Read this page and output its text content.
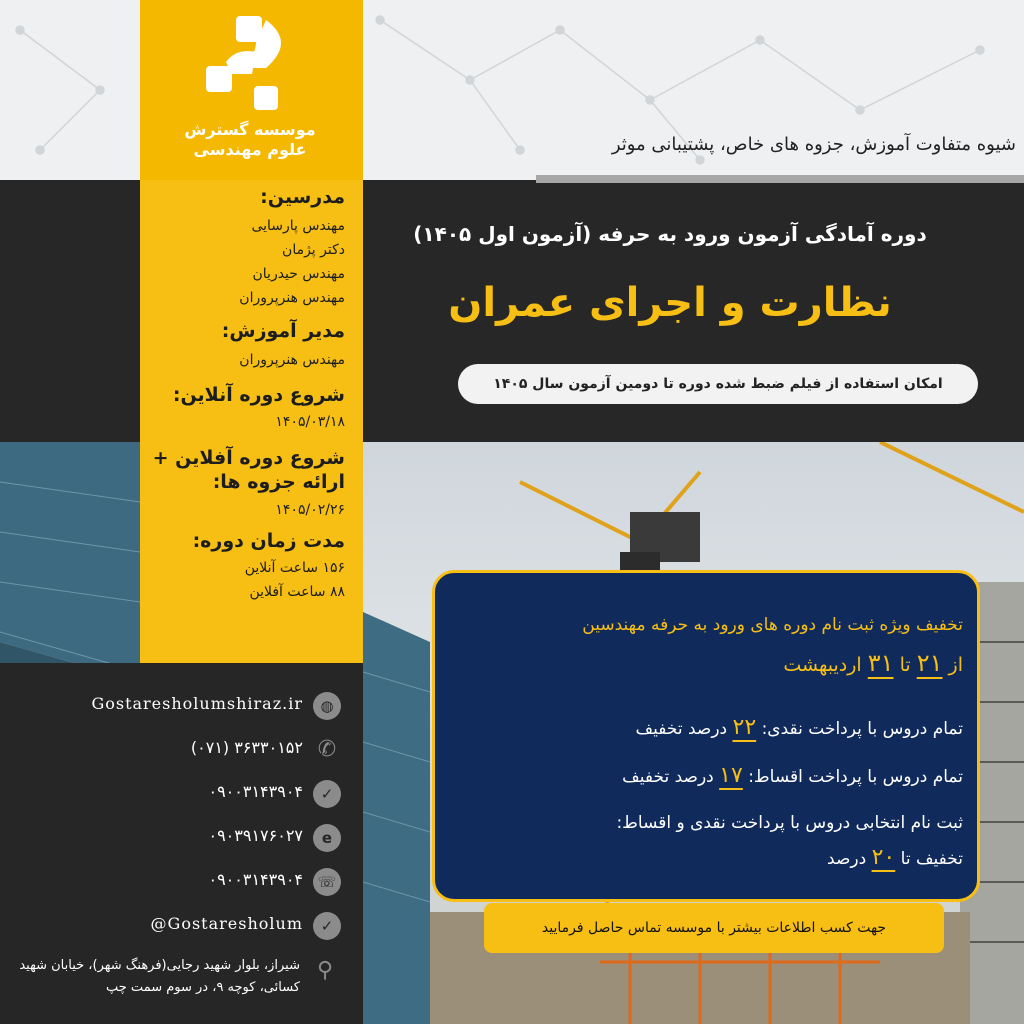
موسسه گسترش
علوم مهندسی
مدرسین:
مهندس پارسایی
دکتر پژمان
مهندس حیدریان
مهندس هنرپروران
مدیر آموزش:
مهندس هنرپروران
شروع دوره آنلاین:
۱۴۰۵/۰۳/۱۸
شروع دوره آفلاین +
ارائه جزوه ها:
۱۴۰۵/۰۲/۲۶
مدت زمان دوره:
۱۵۶ ساعت آنلاین
۸۸ ساعت آفلاین
شیوه متفاوت آموزش، جزوه های خاص، پشتیبانی موثر
دوره آمادگی آزمون ورود به حرفه (آزمون اول ۱۴۰۵)
نظارت و اجرای عمران
امکان استفاده از فیلم ضبط شده دوره تا دومین آزمون سال ۱۴۰۵
تخفیف ویژه ثبت نام دوره های ورود به حرفه مهندسین
از ۲۱ تا ۳۱ اردیبهشت
تمام دروس با پرداخت نقدی: ۲۲ درصد تخفیف
تمام دروس با پرداخت اقساط: ۱۷ درصد تخفیف
ثبت نام انتخابی دروس با پرداخت نقدی و اقساط:
تخفیف تا ۲۰ درصد
جهت کسب اطلاعات بیشتر با موسسه تماس حاصل فرمایید
Gostaresholumshiraz.ir	◍
(۰۷۱) ۳۶۳۳۰۱۵۲ ✆
۰۹۰۰۳۱۴۳۹۰۴	✓
۰۹۰۳۹۱۷۶۰۲۷	e
۰۹۰۰۳۱۴۳۹۰۴ ☏
@Gostaresholum	✓
شیراز، بلوار شهید رجایی(فرهنگ شهر)، خیابان شهید کسائی، کوچه ۹، در سوم سمت چپ
⚲
